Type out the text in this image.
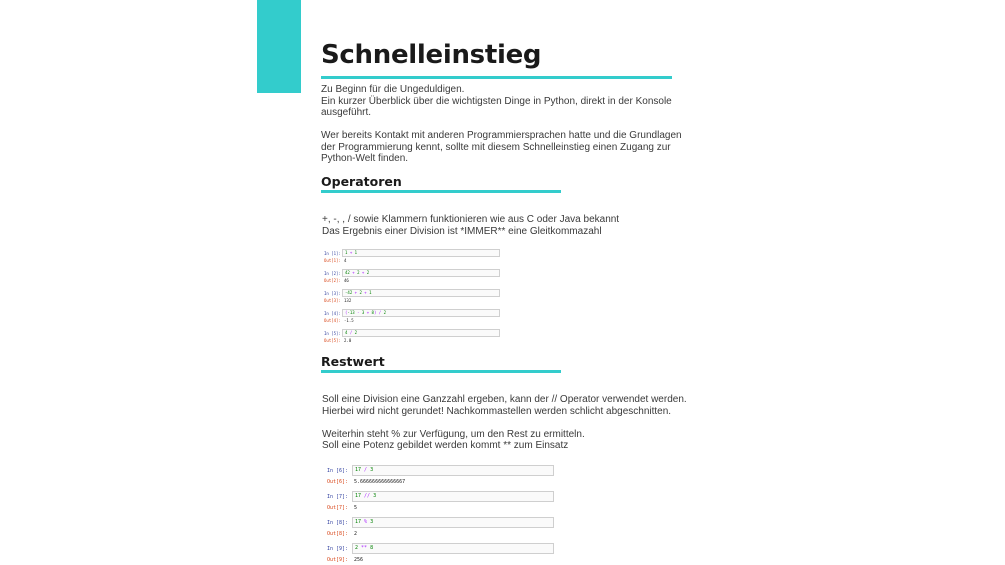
Schnelleinstieg

Zu Beginn für die Ungeduldigen.
Ein kurzer Überblick über die wichtigsten Dinge in Python, direkt in der Konsole
ausgeführt.

Wer bereits Kontakt mit anderen Programmiersprachen hatte und die Grundlagen
der Programmierung kennt, sollte mit diesem Schnelleinstieg einen Zugang zur
Python-Welt finden.

Operatoren

+, -, , / sowie Klammern funktionieren wie aus C oder Java bekannt
Das Ergebnis einer Division ist *IMMER** eine Gleitkommazahl

In [1]:	1 + 1
Out[1]: 4
In [2]:	42 + 2 + 2
Out[2]: 46
In [3]:	-42 + 2 + 1
Out[3]: 132
In [4]:	(-13 - 3 + 8) / 2
Out[4]: -1.5
In [5]:	4 / 2
Out[5]: 2.0
Restwert

Soll eine Division eine Ganzzahl ergeben, kann der // Operator verwendet werden.
Hierbei wird nicht gerundet! Nachkommastellen werden schlicht abgeschnitten.

Weiterhin steht % zur Verfügung, um den Rest zu ermitteln.
Soll eine Potenz gebildet werden kommt ** zum Einsatz

In [6]:	17 / 3
Out[6]:	5.666666666666667
In [7]:	17 // 3
Out[7]:	5
In [8]:	17 % 3
Out[8]:	2
In [9]:	2 ** 8
Out[9]:	256
